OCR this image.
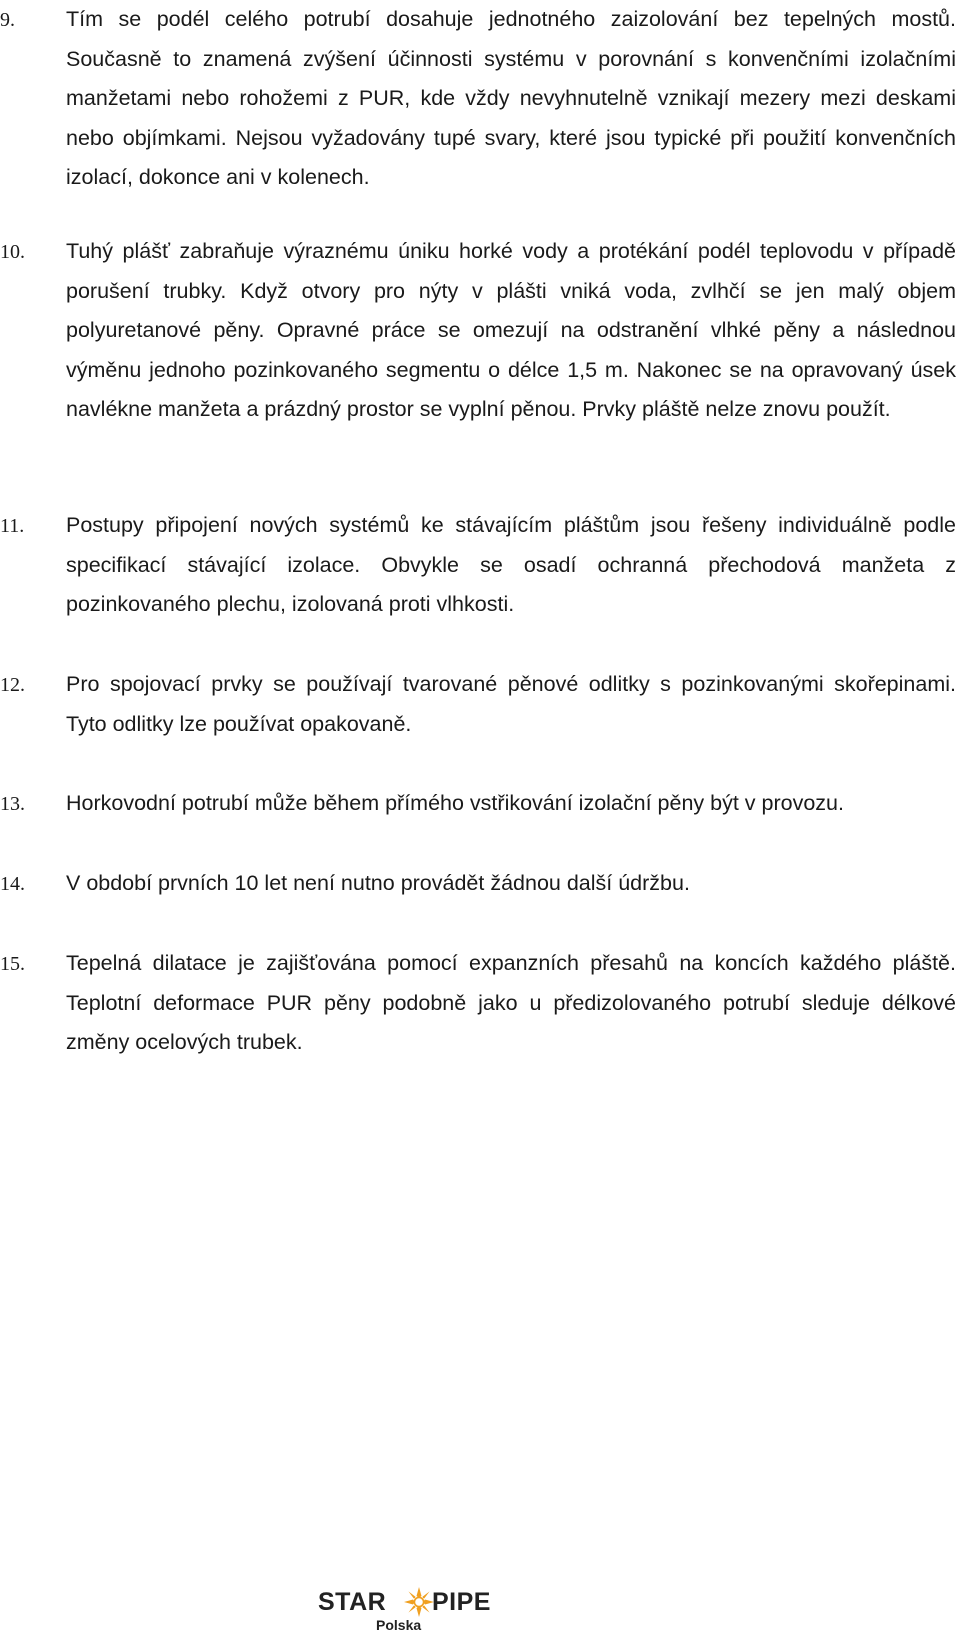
9. Tím se podél celého potrubí dosahuje jednotného zaizolování bez tepelných mostů. Současně to znamená zvýšení účinnosti systému v porovnání s konvenčními izolačními manžetami nebo rohožemi z PUR, kde vždy nevyhnutelně vznikají mezery mezi deskami nebo objímkami. Nejsou vyžadovány tupé svary, které jsou typické při použití konvenčních izolací, dokonce ani v kolenech.

10. Tuhý plášť zabraňuje výraznému úniku horké vody a protékání podél teplovodu v případě porušení trubky. Když otvory pro nýty v plášti vniká voda, zvlhčí se jen malý objem polyuretanové pěny. Opravné práce se omezují na odstranění vlhké pěny a následnou výměnu jednoho pozinkovaného segmentu o délce 1,5 m. Nakonec se na opravovaný úsek navlékne manžeta a prázdný prostor se vyplní pěnou. Prvky pláště nelze znovu použít.

11. Postupy připojení nových systémů ke stávajícím pláštům jsou řešeny individuálně podle specifikací stávající izolace. Obvykle se osadí ochranná přechodová manžeta z pozinkovaného plechu, izolovaná proti vlhkosti.

12. Pro spojovací prvky se používají tvarované pěnové odlitky s pozinkovanými skořepinami. Tyto odlitky lze používat opakovaně.

13. Horkovodní potrubí může během přímého vstřikování izolační pěny být v provozu.

14. V období prvních 10 let není nutno provádět žádnou další údržbu.

15. Tepelná dilatace je zajišťována pomocí expanzních přesahů na koncích každého pláště. Teplotní deformace PUR pěny podobně jako u předizolovaného potrubí sleduje délkové změny ocelových trubek.

STAR PIPE
Polska
